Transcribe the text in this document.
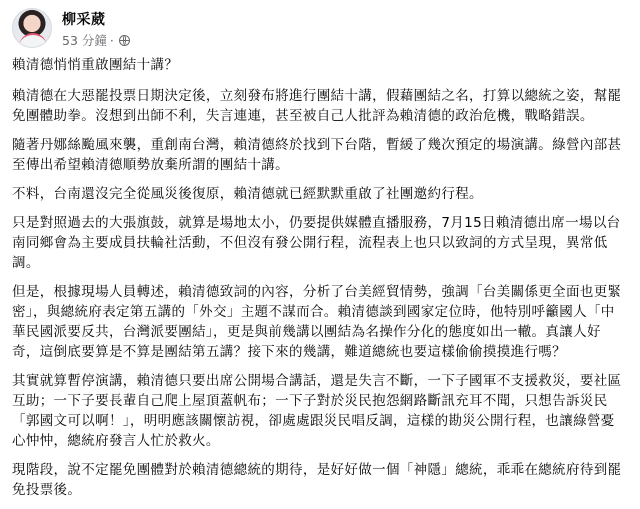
柳采葳
53 分鐘 ·

賴清德悄悄重啟團結十講？

賴清德在大惡罷投票日期決定後，立刻發布將進行團結十講，假藉團結之名，打算以總統之姿，幫罷免團體助拳。沒想到出師不利，失言連連，甚至被自己人批評為賴清德的政治危機，戰略錯誤。

隨著丹娜絲颱風來襲，重創南台灣，賴清德終於找到下台階，暫緩了幾次預定的場演講。綠營內部甚至傳出希望賴清德順勢放棄所謂的團結十講。

不料，台南還沒完全從風災後復原，賴清德就已經默默重啟了社團邀約行程。

只是對照過去的大張旗鼓，就算是場地太小，仍要提供媒體直播服務，7月15日賴清德出席一場以台南同鄉會為主要成員扶輪社活動，不但沒有發公開行程，流程表上也只以致詞的方式呈現，異常低調。

但是，根據現場人員轉述，賴清德致詞的內容，分析了台美經貿情勢，強調「台美關係更全面也更緊密」，與總統府表定第五講的「外交」主題不謀而合。賴清德談到國家定位時，他特別呼籲國人「中華民國派要反共，台灣派要團結」，更是與前幾講以團結為名操作分化的態度如出一轍。真讓人好奇，這倒底要算是不算是團結第五講？接下來的幾講，難道總統也要這樣偷偷摸摸進行嗎？

其實就算暫停演講，賴清德只要出席公開場合講話，還是失言不斷，一下子國軍不支援救災，要社區互助；一下子要長輩自己爬上屋頂蓋帆布；一下子對於災民抱怨網路斷訊充耳不聞，只想告訴災民「郭國文可以啊！」，明明應該關懷訪視，卻處處跟災民唱反調，這樣的勘災公開行程，也讓綠營憂心忡忡，總統府發言人忙於救火。

現階段，說不定罷免團體對於賴清德總統的期待，是好好做一個「神隱」總統，乖乖在總統府待到罷免投票後。
